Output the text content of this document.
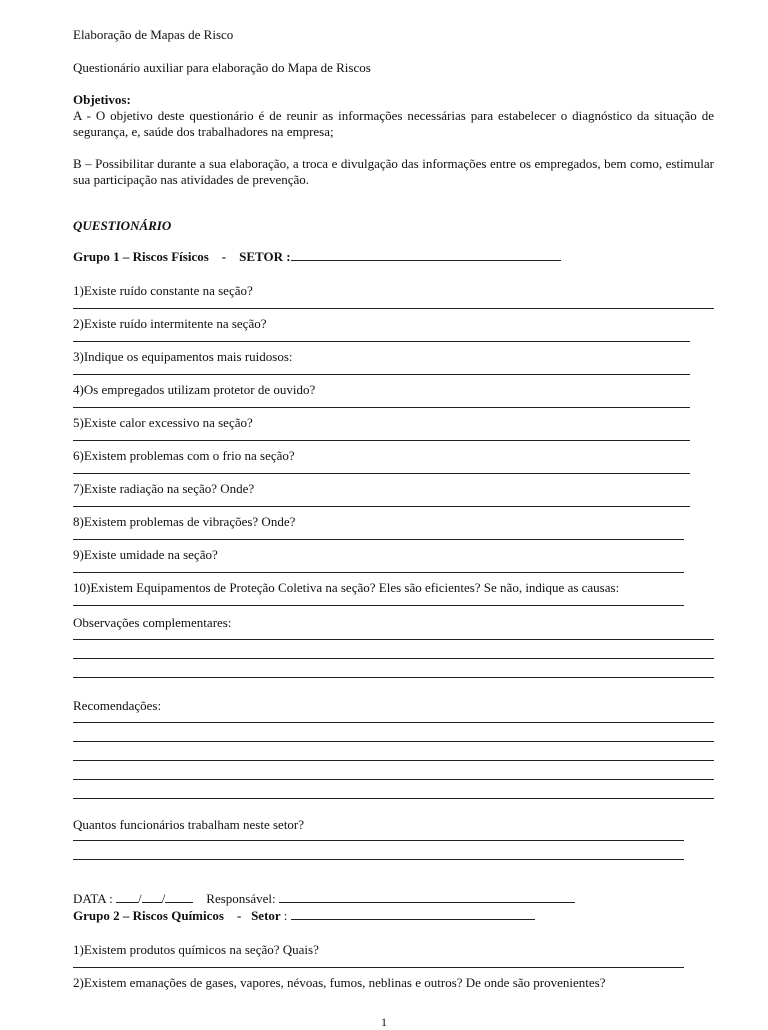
Elaboração de Mapas de Risco

Questionário auxiliar para elaboração do Mapa de Riscos

Objetivos:

A - O objetivo deste questionário é de reunir as informações necessárias para estabelecer o diagnóstico da situação de segurança, e, saúde dos trabalhadores na empresa;

B – Possibilitar durante a sua elaboração, a troca e divulgação das informações entre os empregados, bem como, estimular sua participação nas atividades de prevenção.

QUESTIONÁRIO

Grupo 1 – Riscos Físicos - SETOR :

1)Existe ruído constante na seção?
2)Existe ruído intermitente na seção?
3)Indique os equipamentos mais ruidosos:
4)Os empregados utilizam protetor de ouvido?
5)Existe calor excessivo na seção?
6)Existem problemas com o frio na seção?
7)Existe radiação na seção? Onde?
8)Existem problemas de vibrações? Onde?
9)Existe umidade na seção?
10)Existem Equipamentos de Proteção Coletiva na seção? Eles são eficientes? Se não, indique as causas:

Observações complementares:

Recomendações:

Quantos funcionários trabalham neste setor?

DATA : / /	Responsável:

Grupo 2 – Riscos Químicos - Setor :

1)Existem produtos químicos na seção? Quais?
2)Existem emanações de gases, vapores, névoas, fumos, neblinas e outros? De onde são provenientes?
1
